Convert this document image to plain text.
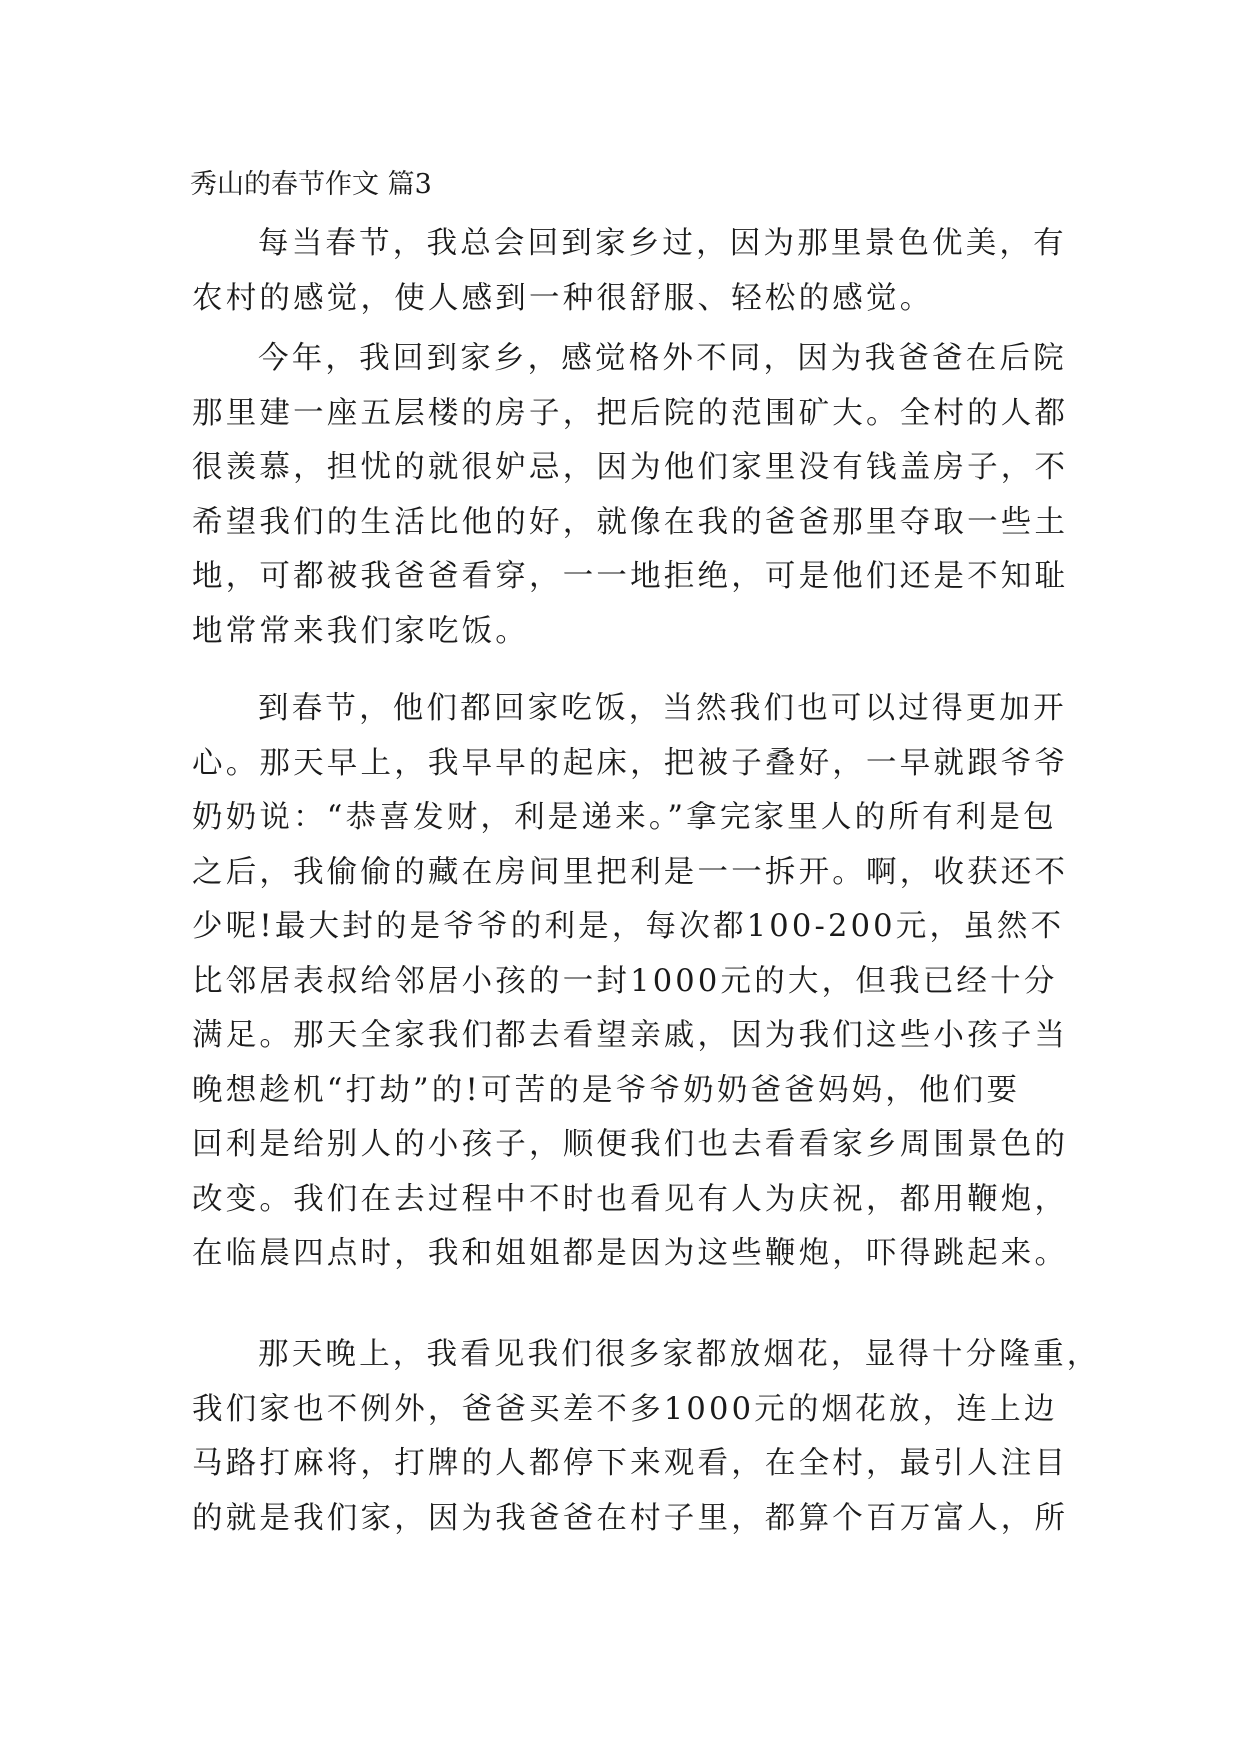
秀山的春节作文 篇3
每当春节，我总会回到家乡过，因为那里景色优美，有
农村的感觉，使人感到一种很舒服、轻松的感觉。
今年，我回到家乡，感觉格外不同，因为我爸爸在后院
那里建一座五层楼的房子，把后院的范围矿大。全村的人都
很羡慕，担忧的就很妒忌，因为他们家里没有钱盖房子，不
希望我们的生活比他的好，就像在我的爸爸那里夺取一些土
地，可都被我爸爸看穿，一一地拒绝，可是他们还是不知耻
地常常来我们家吃饭。
到春节，他们都回家吃饭，当然我们也可以过得更加开
心。那天早上，我早早的起床，把被子叠好，一早就跟爷爷
奶奶说：“恭喜发财，利是递来。”拿完家里人的所有利是包
之后，我偷偷的藏在房间里把利是一一拆开。啊，收获还不
少呢!最大封的是爷爷的利是，每次都100-200元，虽然不
比邻居表叔给邻居小孩的一封1000元的大，但我已经十分
满足。那天全家我们都去看望亲戚，因为我们这些小孩子当
晚想趁机“打劫”的!可苦的是爷爷奶奶爸爸妈妈，他们要
回利是给别人的小孩子，顺便我们也去看看家乡周围景色的
改变。我们在去过程中不时也看见有人为庆祝，都用鞭炮，
在临晨四点时，我和姐姐都是因为这些鞭炮，吓得跳起来。
那天晚上，我看见我们很多家都放烟花，显得十分隆重，
我们家也不例外，爸爸买差不多1000元的烟花放，连上边
马路打麻将，打牌的人都停下来观看，在全村，最引人注目
的就是我们家，因为我爸爸在村子里，都算个百万富人，所
